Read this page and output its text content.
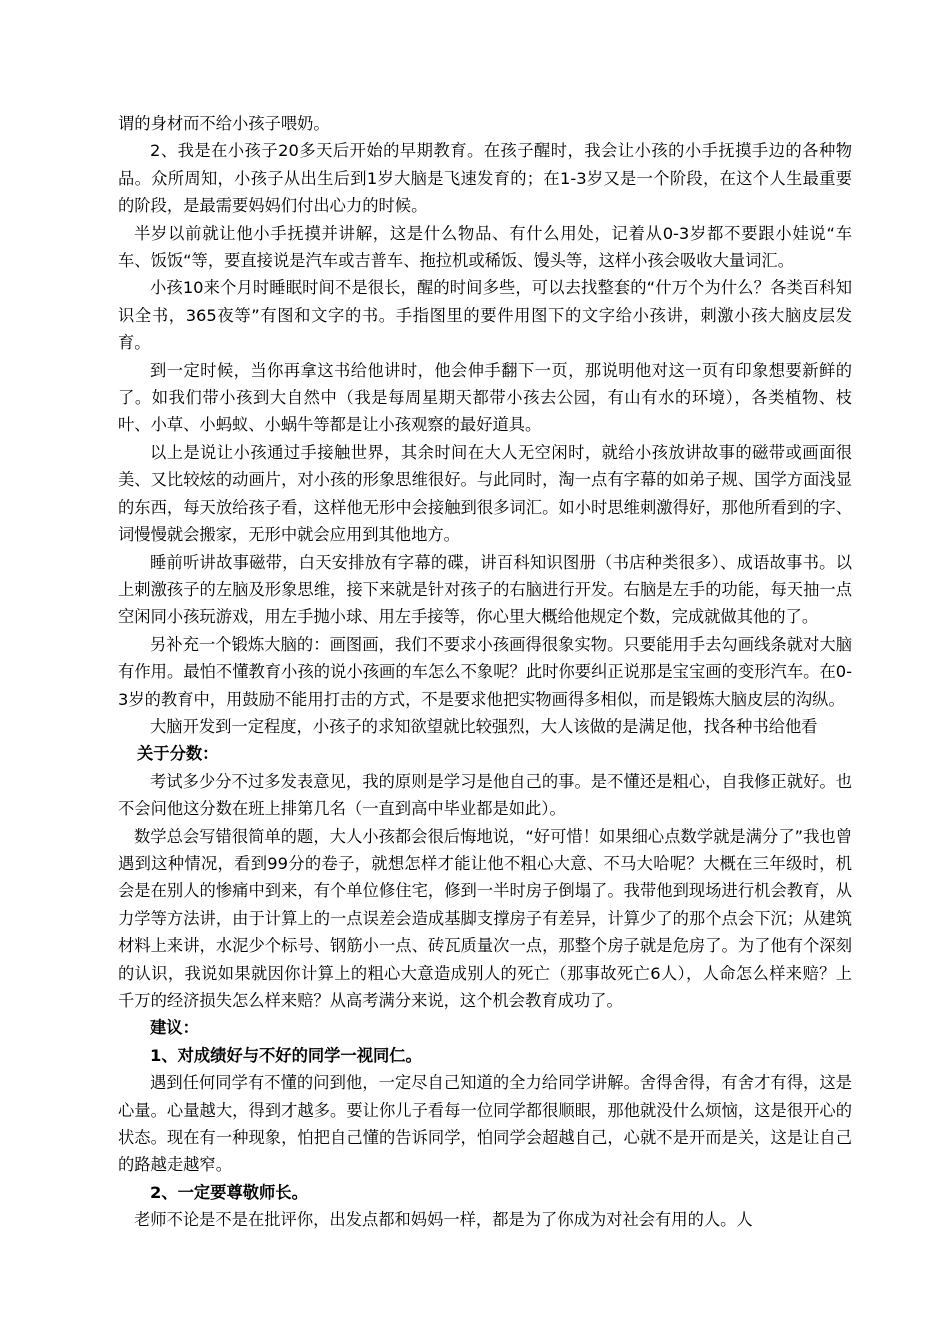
谓的身材而不给小孩子喂奶。

2、我是在小孩子20多天后开始的早期教育。在孩子醒时，我会让小孩的小手抚摸手边的各种物品。众所周知，小孩子从出生后到1岁大脑是飞速发育的；在1-3岁又是一个阶段，在这个人生最重要的阶段，是最需要妈妈们付出心力的时候。

半岁以前就让他小手抚摸并讲解，这是什么物品、有什么用处，记着从0-3岁都不要跟小娃说“车车、饭饭“等，要直接说是汽车或吉普车、拖拉机或稀饭、馒头等，这样小孩会吸收大量词汇。

小孩10来个月时睡眠时间不是很长，醒的时间多些，可以去找整套的“什万个为什么？各类百科知识全书，365夜等”有图和文字的书。手指图里的要件用图下的文字给小孩讲，刺激小孩大脑皮层发育。

到一定时候，当你再拿这书给他讲时，他会伸手翻下一页，那说明他对这一页有印象想要新鲜的了。如我们带小孩到大自然中（我是每周星期天都带小孩去公园，有山有水的环境），各类植物、枝叶、小草、小蚂蚁、小蜗牛等都是让小孩观察的最好道具。

以上是说让小孩通过手接触世界，其余时间在大人无空闲时，就给小孩放讲故事的磁带或画面很美、又比较炫的动画片，对小孩的形象思维很好。与此同时，淘一点有字幕的如弟子规、国学方面浅显的东西，每天放给孩子看，这样他无形中会接触到很多词汇。如小时思维刺激得好，那他所看到的字、词慢慢就会搬家，无形中就会应用到其他地方。

睡前听讲故事磁带，白天安排放有字幕的碟，讲百科知识图册（书店种类很多）、成语故事书。以上刺激孩子的左脑及形象思维，接下来就是针对孩子的右脑进行开发。右脑是左手的功能，每天抽一点空闲同小孩玩游戏，用左手抛小球、用左手接等，你心里大概给他规定个数，完成就做其他的了。

另补充一个锻炼大脑的：画图画，我们不要求小孩画得很象实物。只要能用手去勾画线条就对大脑有作用。最怕不懂教育小孩的说小孩画的车怎么不象呢？此时你要纠正说那是宝宝画的变形汽车。在0-3岁的教育中，用鼓励不能用打击的方式，不是要求他把实物画得多相似，而是锻炼大脑皮层的沟纵。

大脑开发到一定程度，小孩子的求知欲望就比较强烈，大人该做的是满足他，找各种书给他看

关于分数：

考试多少分不过多发表意见，我的原则是学习是他自己的事。是不懂还是粗心，自我修正就好。也不会问他这分数在班上排第几名（一直到高中毕业都是如此）。

数学总会写错很简单的题，大人小孩都会很后悔地说，“好可惜！如果细心点数学就是满分了”我也曾遇到这种情况，看到99分的卷子，就想怎样才能让他不粗心大意、不马大哈呢？大概在三年级时，机会是在别人的惨痛中到来，有个单位修住宅，修到一半时房子倒塌了。我带他到现场进行机会教育，从力学等方法讲，由于计算上的一点误差会造成基脚支撑房子有差异，计算少了的那个点会下沉；从建筑材料上来讲，水泥少个标号、钢筋小一点、砖瓦质量次一点，那整个房子就是危房了。为了他有个深刻的认识，我说如果就因你计算上的粗心大意造成别人的死亡（那事故死亡6人），人命怎么样来赔？上千万的经济损失怎么样来赔？从高考满分来说，这个机会教育成功了。

建议：

1、对成绩好与不好的同学一视同仁。

遇到任何同学有不懂的问到他，一定尽自己知道的全力给同学讲解。舍得舍得，有舍才有得，这是心量。心量越大，得到才越多。要让你儿子看每一位同学都很顺眼，那他就没什么烦恼，这是很开心的状态。现在有一种现象，怕把自己懂的告诉同学，怕同学会超越自己，心就不是开而是关，这是让自己的路越走越窄。

2、一定要尊敬师长。

老师不论是不是在批评你，出发点都和妈妈一样，都是为了你成为对社会有用的人。人
